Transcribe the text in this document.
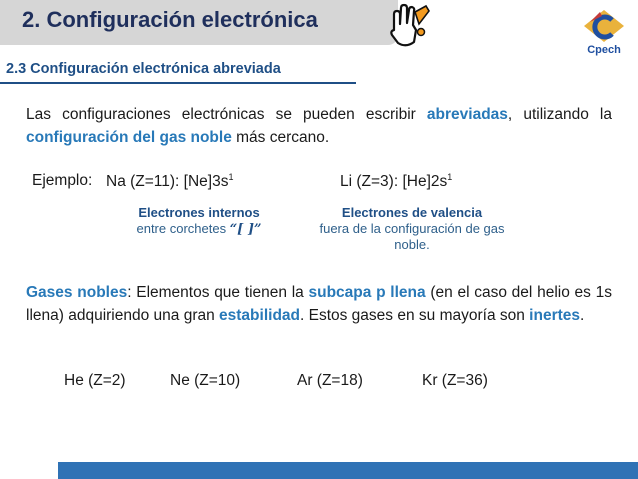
2. Configuración electrónica
Cpech
2.3 Configuración electrónica abreviada
Las configuraciones electrónicas se pueden escribir abreviadas, utilizando la configuración del gas noble más cercano.
Ejemplo: Na (Z=11): $[Ne]3s^1$	Li (Z=3): $[He]2s^1$
Electrones internos
entre corchetes “[ ]”
Electrones de valencia
fuera de la configuración de gas noble.
Gases nobles: Elementos que tienen la subcapa p llena (en el caso del helio es 1s llena) adquiriendo una gran estabilidad. Estos gases en su mayoría son inertes.
He (Z=2)	Ne (Z=10)	Ar (Z=18)	Kr (Z=36)
